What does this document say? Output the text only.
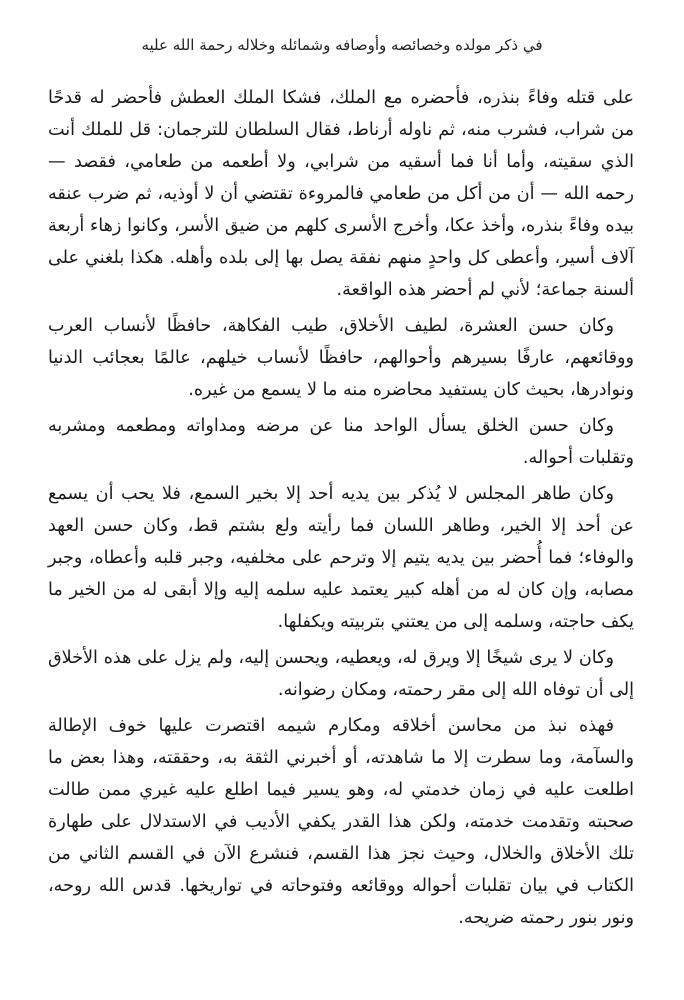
في ذكر مولده وخصائصه وأوصافه وشمائله وخلاله رحمة الله عليه

على قتله وفاءً بنذره، فأحضره مع الملك، فشكا الملك العطش فأحضر له قدحًا من شراب، فشرب منه، ثم ناوله أرناط، فقال السلطان للترجمان: قل للملك أنت الذي سقيته، وأما أنا فما أسقيه من شرابي، ولا أطعمه من طعامي، فقصد — رحمه الله — أن من أكل من طعامي فالمروءة تقتضي أن لا أوذيه، ثم ضرب عنقه بيده وفاءً بنذره، وأخذ عكا، وأخرج الأسرى كلهم من ضيق الأسر، وكانوا زهاء أربعة آلاف أسير، وأعطى كل واحدٍ منهم نفقة يصل بها إلى بلده وأهله. هكذا بلغني على ألسنة جماعة؛ لأني لم أحضر هذه الواقعة.

وكان حسن العشرة، لطيف الأخلاق، طيب الفكاهة، حافظًا لأنساب العرب ووقائعهم، عارفًا بسيرهم وأحوالهم، حافظًا لأنساب خيلهم، عالمًا بعجائب الدنيا ونوادرها، بحيث كان يستفيد محاضره منه ما لا يسمع من غيره.

وكان حسن الخلق يسأل الواحد منا عن مرضه ومداواته ومطعمه ومشربه وتقلبات أحواله.

وكان طاهر المجلس لا يُذكر بين يديه أحد إلا بخير السمع، فلا يحب أن يسمع عن أحد إلا الخير، وطاهر اللسان فما رأيته ولع بشتم قط، وكان حسن العهد والوفاء؛ فما أُحضر بين يديه يتيم إلا وترحم على مخلفيه، وجبر قلبه وأعطاه، وجبر مصابه، وإن كان له من أهله كبير يعتمد عليه سلمه إليه وإلا أبقى له من الخير ما يكف حاجته، وسلمه إلى من يعتني بتربيته ويكفلها.

وكان لا يرى شيخًا إلا ويرق له، ويعطيه، ويحسن إليه، ولم يزل على هذه الأخلاق إلى أن توفاه الله إلى مقر رحمته، ومكان رضوانه.

فهذه نبذ من محاسن أخلاقه ومكارم شيمه اقتصرت عليها خوف الإطالة والسآمة، وما سطرت إلا ما شاهدته، أو أخبرني الثقة به، وحققته، وهذا بعض ما اطلعت عليه في زمان خدمتي له، وهو يسير فيما اطلع عليه غيري ممن طالت صحبته وتقدمت خدمته، ولكن هذا القدر يكفي الأديب في الاستدلال على طهارة تلك الأخلاق والخلال، وحيث نجز هذا القسم، فنشرع الآن في القسم الثاني من الكتاب في بيان تقلبات أحواله ووقائعه وفتوحاته في تواريخها. قدس الله روحه، ونور بنور رحمته ضريحه.
